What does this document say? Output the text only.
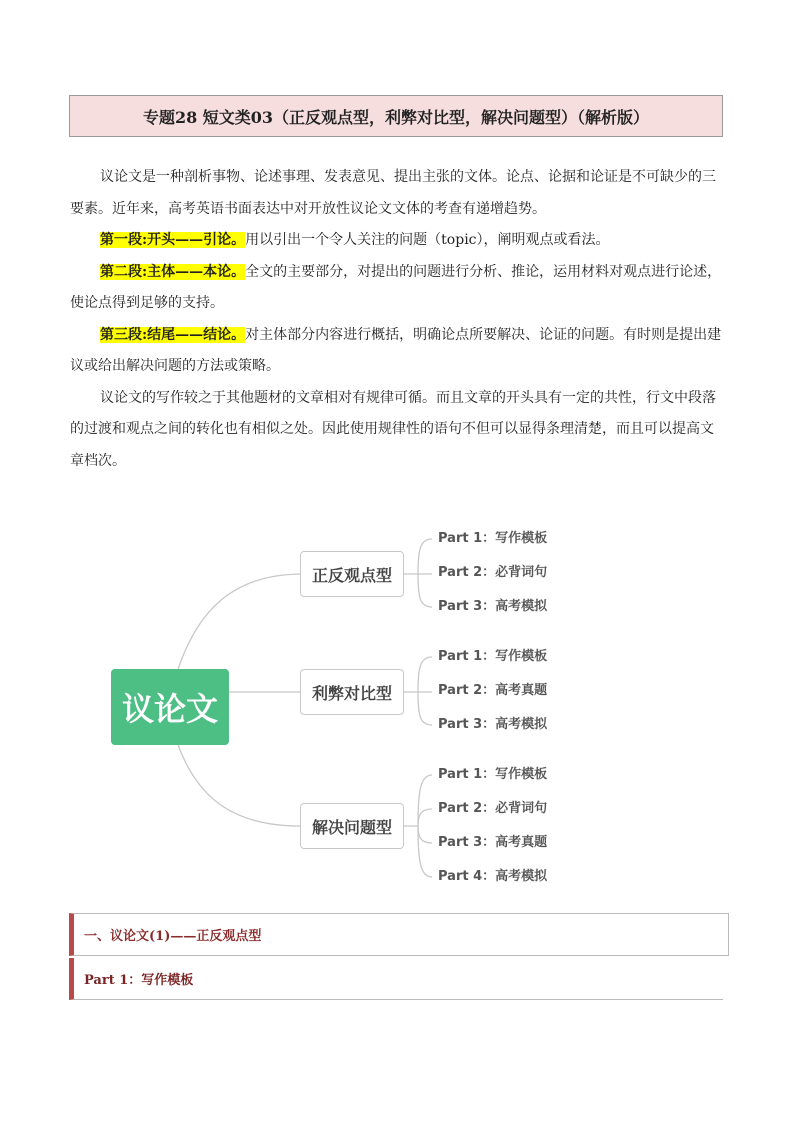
专题28 短文类03（正反观点型，利弊对比型，解决问题型）（解析版）

议论文是一种剖析事物、论述事理、发表意见、提出主张的文体。论点、论据和论证是不可缺少的三要素。近年来，高考英语书面表达中对开放性议论文文体的考查有递增趋势。

第一段:开头——引论。用以引出一个令人关注的问题（topic），阐明观点或看法。

第二段:主体——本论。全文的主要部分，对提出的问题进行分析、推论，运用材料对观点进行论述，使论点得到足够的支持。

第三段:结尾——结论。对主体部分内容进行概括，明确论点所要解决、论证的问题。有时则是提出建议或给出解决问题的方法或策略。

议论文的写作较之于其他题材的文章相对有规律可循。而且文章的开头具有一定的共性，行文中段落的过渡和观点之间的转化也有相似之处。因此使用规律性的语句不但可以显得条理清楚，而且可以提高文章档次。

议论文
正反观点型
利弊对比型
解决问题型
Part 1：写作模板
Part 2：必背词句
Part 3：高考模拟
Part 1：写作模板
Part 2：高考真题
Part 3：高考模拟
Part 1：写作模板
Part 2：必背词句
Part 3：高考真题
Part 4：高考模拟
一、议论文(1)——正反观点型
Part 1：写作模板
